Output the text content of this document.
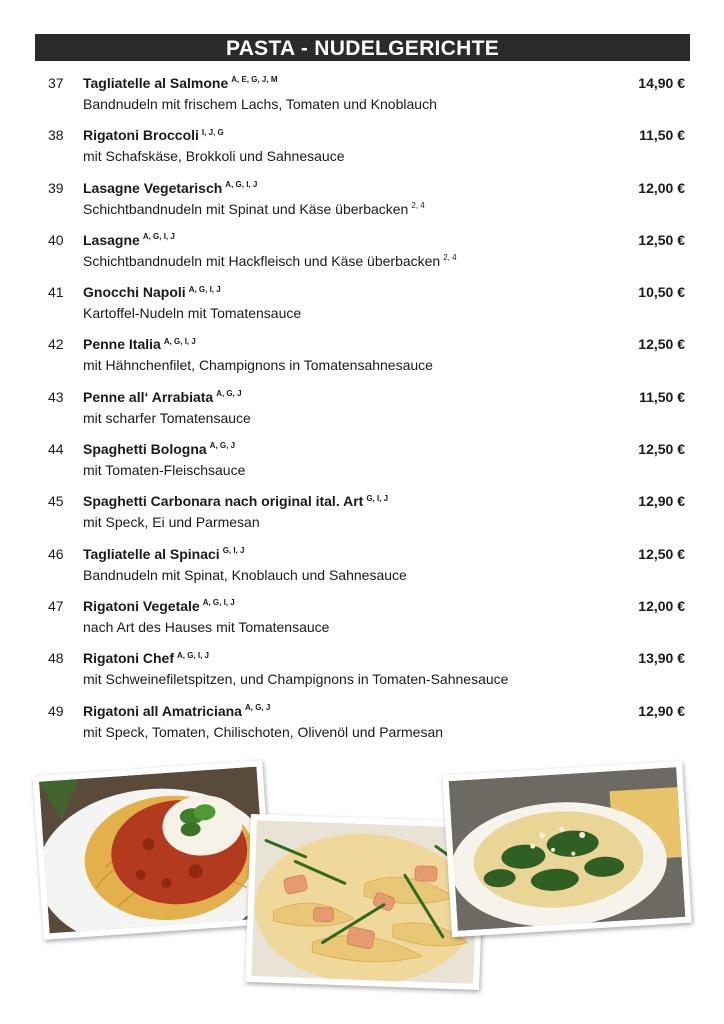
PASTA - NUDELGERICHTE
37 Tagliatelle al Salmone $^{A, E, G, J, M}$	14,90 €
Bandnudeln mit frischem Lachs, Tomaten und Knoblauch
38 Rigatoni Broccoli $^{I, J, G}$	11,50 €
mit Schafskäse, Brokkoli und Sahnesauce
39 Lasagne Vegetarisch $^{A, G, I, J}$	12,00 €
Schichtbandnudeln mit Spinat und Käse überbacken $^{2, 4}$
40 Lasagne $^{A, G, I, J}$	12,50 €
Schichtbandnudeln mit Hackfleisch und Käse überbacken $^{2, 4}$
41 Gnocchi Napoli $^{A, G, I, J}$	10,50 €
Kartoffel-Nudeln mit Tomatensauce
42 Penne Italia $^{A, G, I, J}$	12,50 €
mit Hähnchenfilet, Champignons in Tomatensahnesauce
43 Penne all‘ Arrabiata $^{A, G, J}$	11,50 €
mit scharfer Tomatensauce
44 Spaghetti Bologna $^{A, G, J}$	12,50 €
mit Tomaten-Fleischsauce
45 Spaghetti Carbonara nach original ital. Art $^{G, I, J}$	12,90 €
mit Speck, Ei und Parmesan
46 Tagliatelle al Spinaci $^{G, I, J}$	12,50 €
Bandnudeln mit Spinat, Knoblauch und Sahnesauce
47 Rigatoni Vegetale $^{A, G, I, J}$	12,00 €
nach Art des Hauses mit Tomatensauce
48 Rigatoni Chef $^{A, G, I, J}$	13,90 €
mit Schweinefiletspitzen, und Champignons in Tomaten-Sahnesauce
49 Rigatoni all Amatriciana $^{A, G, J}$	12,90 €
mit Speck, Tomaten, Chilischoten, Olivenöl und Parmesan
